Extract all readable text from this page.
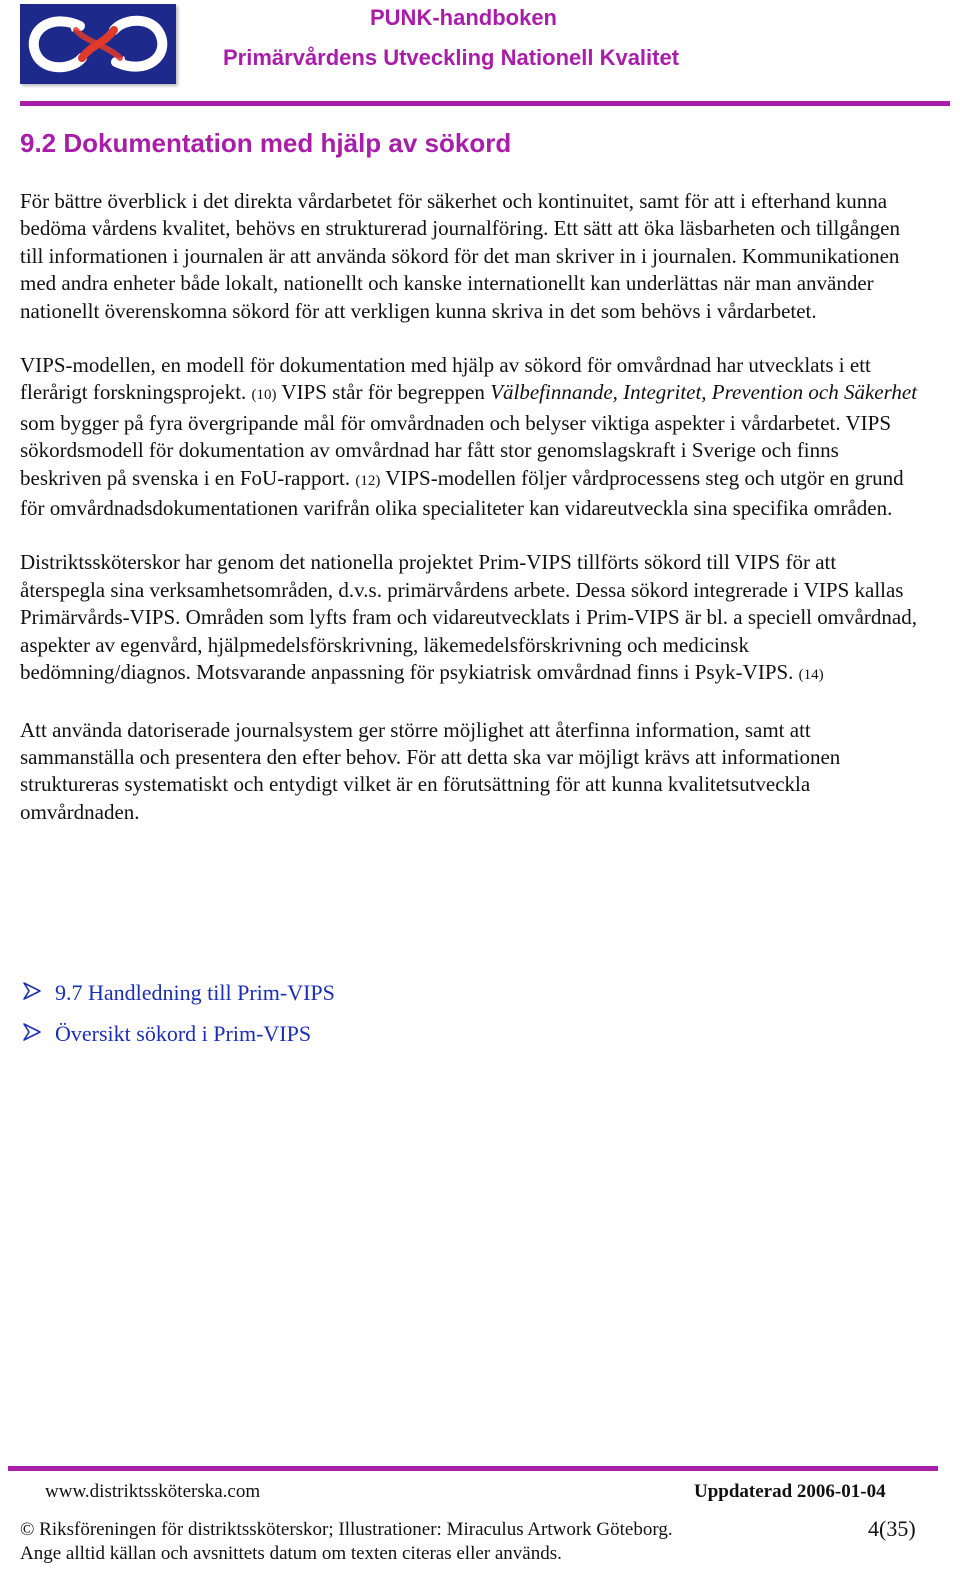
PUNK-handboken
Primärvårdens Utveckling Nationell Kvalitet
9.2 Dokumentation med hjälp av sökord

För bättre överblick i det direkta vårdarbetet för säkerhet och kontinuitet, samt för att i efterhand kunna bedöma vårdens kvalitet, behövs en strukturerad journalföring. Ett sätt att öka läsbarheten och tillgången till informationen i journalen är att använda sökord för det man skriver in i journalen. Kommunikationen med andra enheter både lokalt, nationellt och kanske internationellt kan underlättas när man använder nationellt överenskomna sökord för att verkligen kunna skriva in det som behövs i vårdarbetet.

VIPS-modellen, en modell för dokumentation med hjälp av sökord för omvårdnad har utvecklats i ett flerårigt forskningsprojekt. (10) VIPS står för begreppen Välbefinnande, Integritet, Prevention och Säkerhet som bygger på fyra övergripande mål för omvårdnaden och belyser viktiga aspekter i vårdarbetet. VIPS sökordsmodell för dokumentation av omvårdnad har fått stor genomslagskraft i Sverige och finns beskriven på svenska i en FoU-rapport. (12) VIPS-modellen följer vårdprocessens steg och utgör en grund för omvårdnadsdokumentationen varifrån olika specialiteter kan vidareutveckla sina specifika områden.

Distriktssköterskor har genom det nationella projektet Prim-VIPS tillförts sökord till VIPS för att återspegla sina verksamhetsområden, d.v.s. primärvårdens arbete. Dessa sökord integrerade i VIPS kallas Primärvårds-VIPS. Områden som lyfts fram och vidareutvecklats i Prim-VIPS är bl. a speciell omvårdnad, aspekter av egenvård, hjälpmedelsförskrivning, läkemedelsförskrivning och medicinsk bedömning/diagnos. Motsvarande anpassning för psykiatrisk omvårdnad finns i Psyk-VIPS. (14)

Att använda datoriserade journalsystem ger större möjlighet att återfinna information, samt att sammanställa och presentera den efter behov. För att detta ska var möjligt krävs att informationen struktureras systematiskt och entydigt vilket är en förutsättning för att kunna kvalitetsutveckla omvårdnaden.

9.7 Handledning till Prim-VIPS
Översikt sökord i Prim-VIPS
www.distriktssköterska.com	Uppdaterad 2006-01-04
© Riksföreningen för distriktssköterskor; Illustrationer: Miraculus Artwork Göteborg.	4(35)
Ange alltid källan och avsnittets datum om texten citeras eller används.
